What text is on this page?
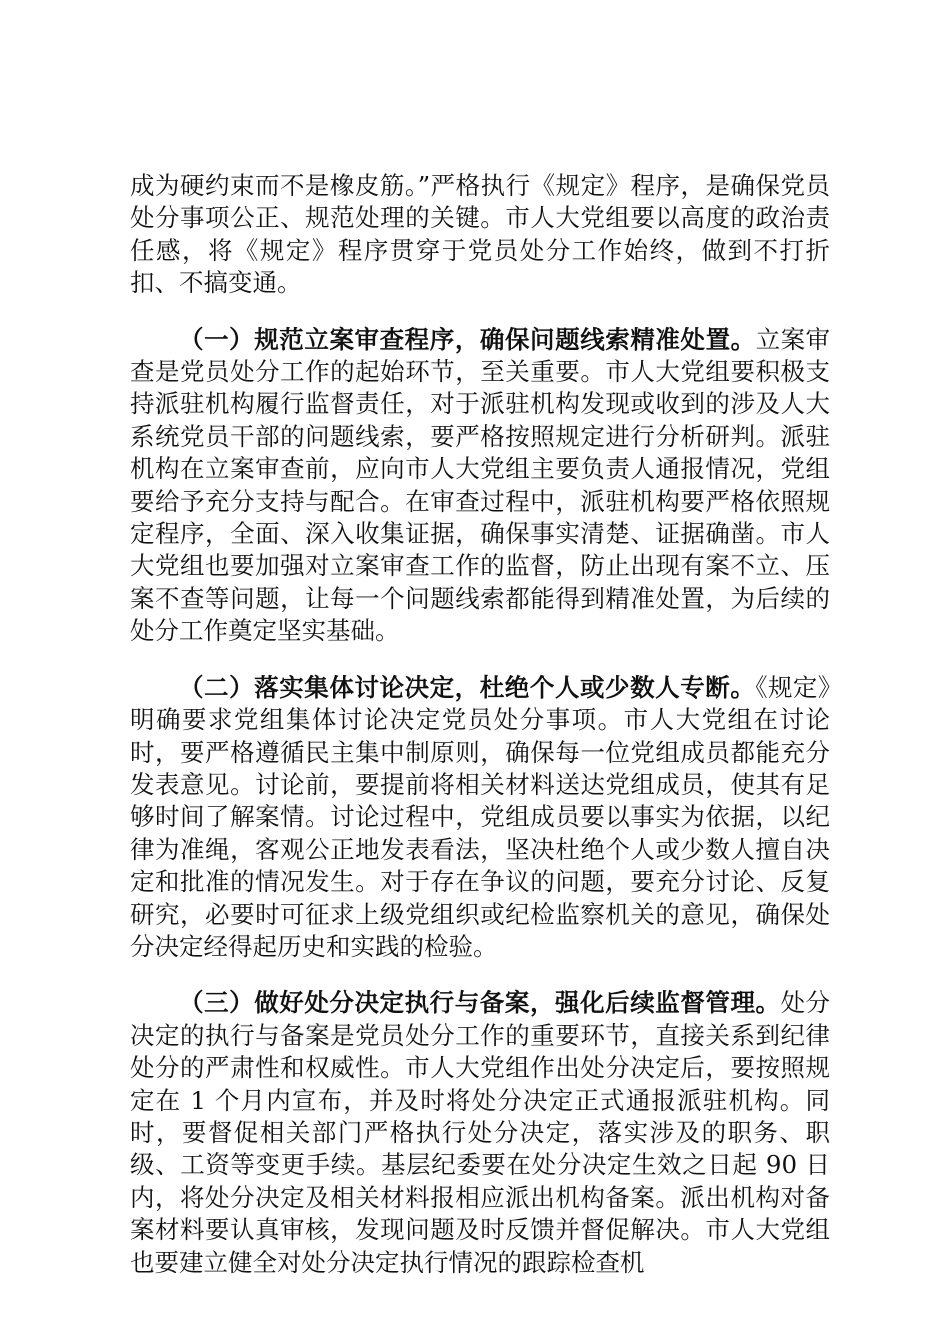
成为硬约束而不是橡皮筋。”严格执行《规定》程序，是确保党员处分事项公正、规范处理的关键。市人大党组要以高度的政治责任感，将《规定》程序贯穿于党员处分工作始终，做到不打折扣、不搞变通。

（一）规范立案审查程序，确保问题线索精准处置。立案审查是党员处分工作的起始环节，至关重要。市人大党组要积极支持派驻机构履行监督责任，对于派驻机构发现或收到的涉及人大系统党员干部的问题线索，要严格按照规定进行分析研判。派驻机构在立案审查前，应向市人大党组主要负责人通报情况，党组要给予充分支持与配合。在审查过程中，派驻机构要严格依照规定程序，全面、深入收集证据，确保事实清楚、证据确凿。市人大党组也要加强对立案审查工作的监督，防止出现有案不立、压案不查等问题，让每一个问题线索都能得到精准处置，为后续的处分工作奠定坚实基础。

（二）落实集体讨论决定，杜绝个人或少数人专断。《规定》明确要求党组集体讨论决定党员处分事项。市人大党组在讨论时，要严格遵循民主集中制原则，确保每一位党组成员都能充分发表意见。讨论前，要提前将相关材料送达党组成员，使其有足够时间了解案情。讨论过程中，党组成员要以事实为依据，以纪律为准绳，客观公正地发表看法，坚决杜绝个人或少数人擅自决定和批准的情况发生。对于存在争议的问题，要充分讨论、反复研究，必要时可征求上级党组织或纪检监察机关的意见，确保处分决定经得起历史和实践的检验。

（三）做好处分决定执行与备案，强化后续监督管理。处分决定的执行与备案是党员处分工作的重要环节，直接关系到纪律处分的严肃性和权威性。市人大党组作出处分决定后，要按照规定在 1 个月内宣布，并及时将处分决定正式通报派驻机构。同时，要督促相关部门严格执行处分决定，落实涉及的职务、职级、工资等变更手续。基层纪委要在处分决定生效之日起 90 日内，将处分决定及相关材料报相应派出机构备案。派出机构对备案材料要认真审核，发现问题及时反馈并督促解决。市人大党组也要建立健全对处分决定执行情况的跟踪检查机
